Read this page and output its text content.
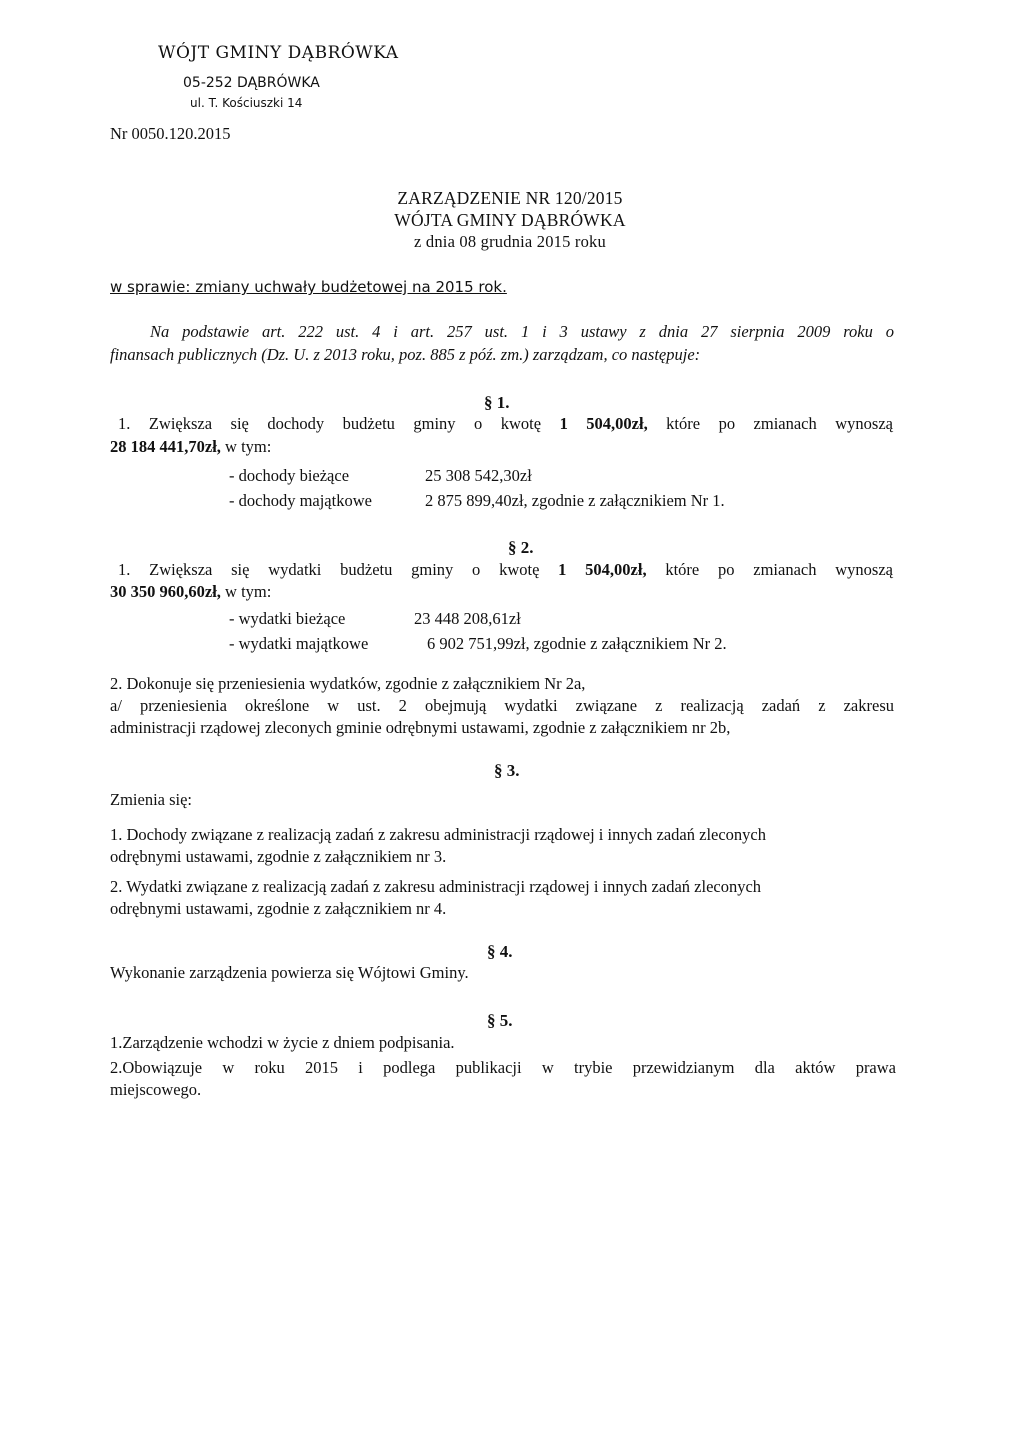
WÓJT GMINY DĄBRÓWKA
05-252 DĄBRÓWKA
ul. T. Kościuszki 14
Nr 0050.120.2015
ZARZĄDZENIE NR 120/2015
WÓJTA GMINY DĄBRÓWKA
z dnia 08 grudnia 2015 roku
w sprawie: zmiany uchwały budżetowej na 2015 rok.
Na podstawie art. 222 ust. 4 i art. 257 ust. 1 i 3 ustawy z dnia 27 sierpnia 2009 roku o
finansach publicznych (Dz. U. z 2013 roku, poz. 885 z póź. zm.) zarządzam, co następuje:
§ 1.
1. Zwiększa się dochody budżetu gminy o kwotę 1 504,00zł, które po zmianach wynoszą
28 184 441,70zł, w tym:
- dochody bieżące	25 308 542,30zł
- dochody majątkowe	2 875 899,40zł, zgodnie z załącznikiem Nr 1.
§ 2.
1. Zwiększa się wydatki budżetu gminy o kwotę 1 504,00zł, które po zmianach wynoszą
30 350 960,60zł, w tym:
- wydatki bieżące	23 448 208,61zł
- wydatki majątkowe	6 902 751,99zł, zgodnie z załącznikiem Nr 2.
2. Dokonuje się przeniesienia wydatków, zgodnie z załącznikiem Nr 2a,
a/ przeniesienia określone w ust. 2 obejmują wydatki związane z realizacją zadań z zakresu
administracji rządowej zleconych gminie odrębnymi ustawami, zgodnie z załącznikiem nr 2b,
§ 3.
Zmienia się:
1. Dochody związane z realizacją zadań z zakresu administracji rządowej i innych zadań zleconych
odrębnymi ustawami, zgodnie z załącznikiem nr 3.
2. Wydatki związane z realizacją zadań z zakresu administracji rządowej i innych zadań zleconych
odrębnymi ustawami, zgodnie z załącznikiem nr 4.
§ 4.
Wykonanie zarządzenia powierza się Wójtowi Gminy.
§ 5.
1.Zarządzenie wchodzi w życie z dniem podpisania.
2.Obowiązuje w roku 2015 i podlega publikacji w trybie przewidzianym dla aktów prawa
miejscowego.
